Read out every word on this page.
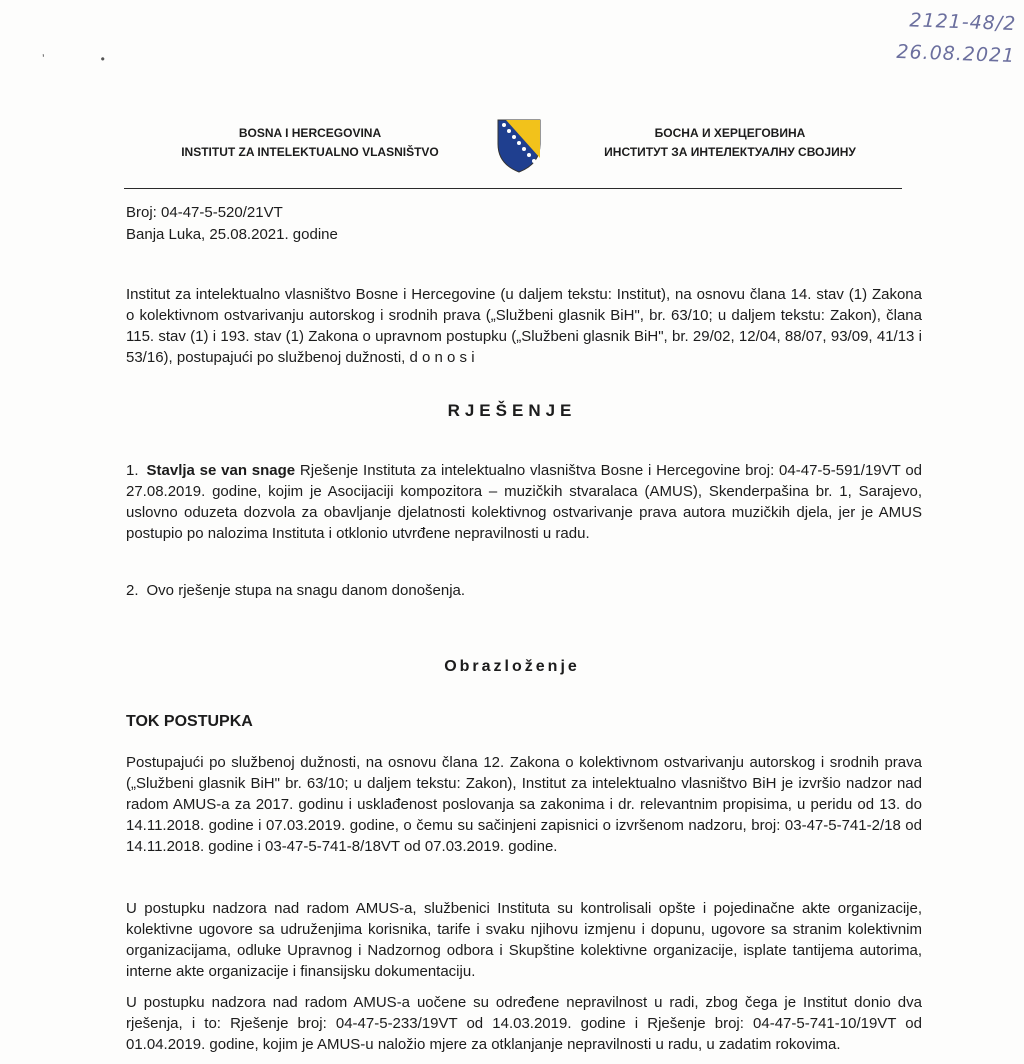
ʼ	•
2121-48/2
26.08.2021
BOSNA I HERCEGOVINA
INSTITUT ZA INTELEKTUALNO VLASNIŠTVO
БОСНА И ХЕРЦЕГОВИНА
ИНСТИТУТ ЗА ИНТЕЛЕКТУАЛНУ СВОЈИНУ
Broj: 04-47-5-520/21VT
Banja Luka, 25.08.2021. godine
Institut za intelektualno vlasništvo Bosne i Hercegovine (u daljem tekstu: Institut), na osnovu člana 14. stav (1) Zakona o kolektivnom ostvarivanju autorskog i srodnih prava („Službeni glasnik BiH", br. 63/10; u daljem tekstu: Zakon), člana 115. stav (1) i 193. stav (1) Zakona o upravnom postupku („Službeni glasnik BiH", br. 29/02, 12/04, 88/07, 93/09, 41/13 i 53/16), postupajući po službenoj dužnosti, d o n o s i
RJEŠENJE
1. Stavlja se van snage Rješenje Instituta za intelektualno vlasništva Bosne i Hercegovine broj: 04-47-5-591/19VT od 27.08.2019. godine, kojim je Asocijaciji kompozitora – muzičkih stvaralaca (AMUS), Skenderpašina br. 1, Sarajevo, uslovno oduzeta dozvola za obavljanje djelatnosti kolektivnog ostvarivanje prava autora muzičkih djela, jer je AMUS postupio po nalozima Instituta i otklonio utvrđene nepravilnosti u radu.
2. Ovo rješenje stupa na snagu danom donošenja.
Obrazloženje
TOK POSTUPKA
Postupajući po službenoj dužnosti, na osnovu člana 12. Zakona o kolektivnom ostvarivanju autorskog i srodnih prava („Službeni glasnik BiH" br. 63/10; u daljem tekstu: Zakon), Institut za intelektualno vlasništvo BiH je izvršio nadzor nad radom AMUS-a za 2017. godinu i usklađenost poslovanja sa zakonima i dr. relevantnim propisima, u peridu od 13. do 14.11.2018. godine i 07.03.2019. godine, o čemu su sačinjeni zapisnici o izvršenom nadzoru, broj: 03-47-5-741-2/18 od 14.11.2018. godine i 03-47-5-741-8/18VT od 07.03.2019. godine.
U postupku nadzora nad radom AMUS-a, službenici Instituta su kontrolisali opšte i pojedinačne akte organizacije, kolektivne ugovore sa udruženjima korisnika, tarife i svaku njihovu izmjenu i dopunu, ugovore sa stranim kolektivnim organizacijama, odluke Upravnog i Nadzornog odbora i Skupštine kolektivne organizacije, isplate tantijema autorima, interne akte organizacije i finansijsku dokumentaciju.
U postupku nadzora nad radom AMUS-a uočene su određene nepravilnost u radi, zbog čega je Institut donio dva rješenja, i to: Rješenje broj: 04-47-5-233/19VT od 14.03.2019. godine i Rješenje broj: 04-47-5-741-10/19VT od 01.04.2019. godine, kojim je AMUS-u naložio mjere za otklanjanje nepravilnosti u radu, u zadatim rokovima.
